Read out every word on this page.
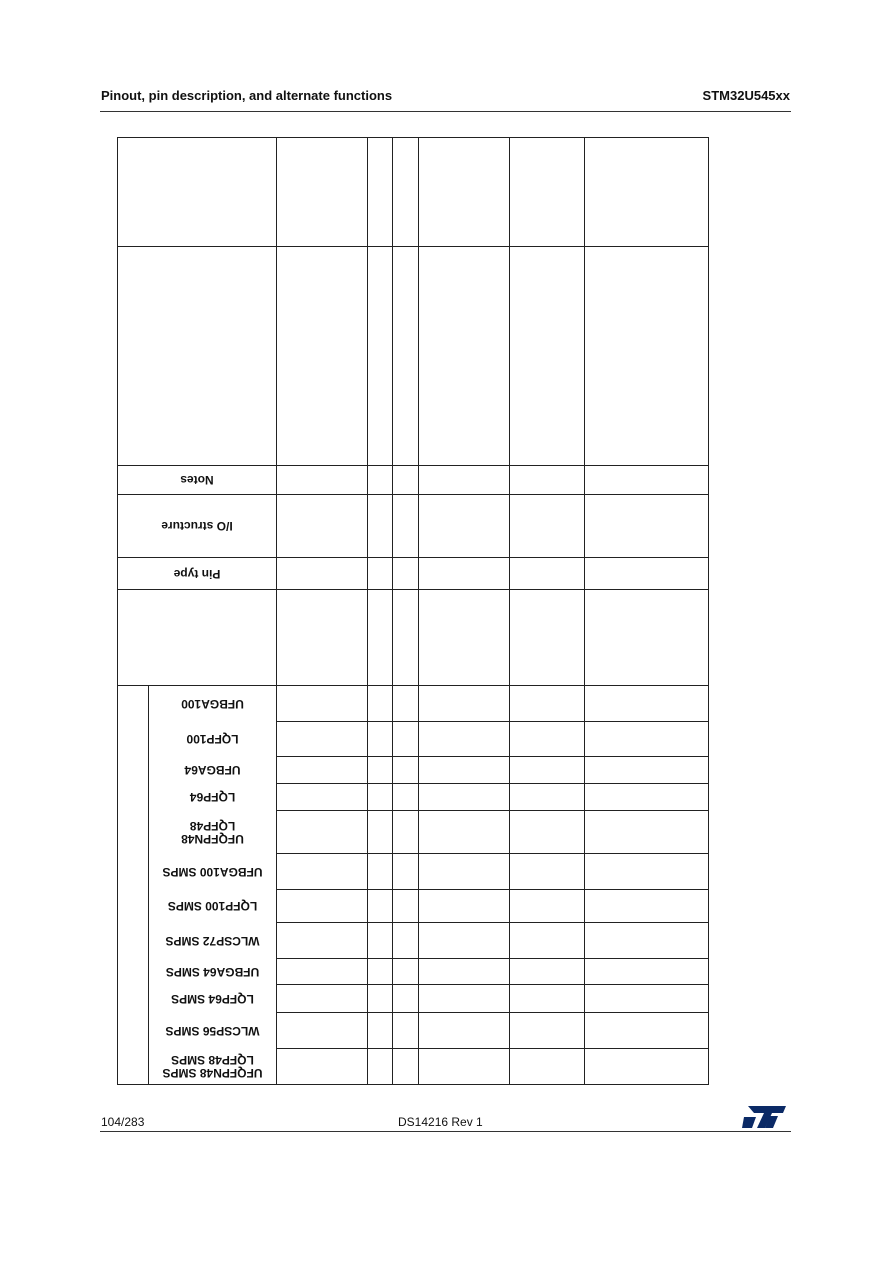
Pinout, pin description, and alternate functions	STM32U545xx
Notes
I/O structure
Pin type
UFBGA100
LQFP100
UFBGA64
LQFP64
UFQFPN48
LQFP48
UFBGA100 SMPS
LQFP100 SMPS
WLCSP72 SMPS
UFBGA64 SMPS
LQFP64 SMPS
WLCSP56 SMPS
UFQFPN48 SMPS
LQFP48 SMPS
104/283	DS14216 Rev 1
